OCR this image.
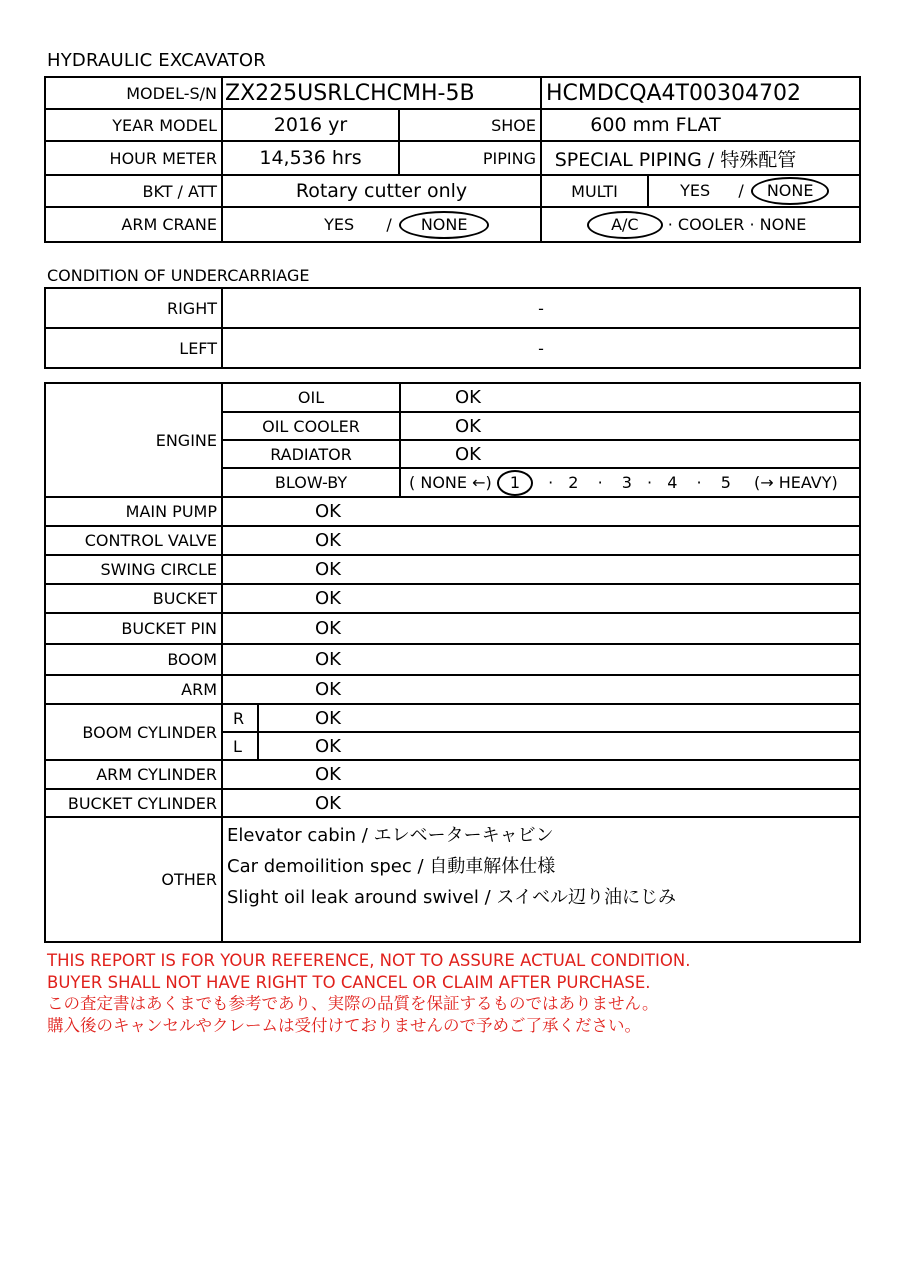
HYDRAULIC EXCAVATOR
MODEL-S/N	ZX225USRLCHCMH-5B		HCMDCQA4T00304702	
YEAR MODEL	2016 yr	SHOE	600 mm FLAT	
HOUR METER	14,536 hrs	PIPING	SPECIAL PIPING / 特殊配管	
BKT / ATT	Rotary cutter only		MULTI	YES / NONE
ARM CRANE	YES / NONE		A/C · COOLER · NONE	
CONDITION OF UNDERCARRIAGE
RIGHT	-
LEFT	-
ENGINE	OIL		OK
	OIL COOLER		OK
	RADIATOR		OK
	BLOW-BY		( NONE ←) 1 · 2 · 3 · 4 · 5 (→ HEAVY)
MAIN PUMP	OK		
CONTROL VALVE	OK		
SWING CIRCLE	OK		
BUCKET	OK		
BUCKET PIN	OK		
BOOM	OK		
ARM	OK		
BOOM CYLINDER	R	OK	
	L	OK	
ARM CYLINDER	OK		
BUCKET CYLINDER	OK		
OTHER	Elevator cabin / エレベーターキャビン
Car demoilition spec / 自動車解体仕様
Slight oil leak around swivel / スイベル辺り油にじみ		
THIS REPORT IS FOR YOUR REFERENCE, NOT TO ASSURE ACTUAL CONDITION.
BUYER SHALL NOT HAVE RIGHT TO CANCEL OR CLAIM AFTER PURCHASE.
この査定書はあくまでも参考であり、実際の品質を保証するものではありません。
購入後のキャンセルやクレームは受付けておりませんので予めご了承ください。
